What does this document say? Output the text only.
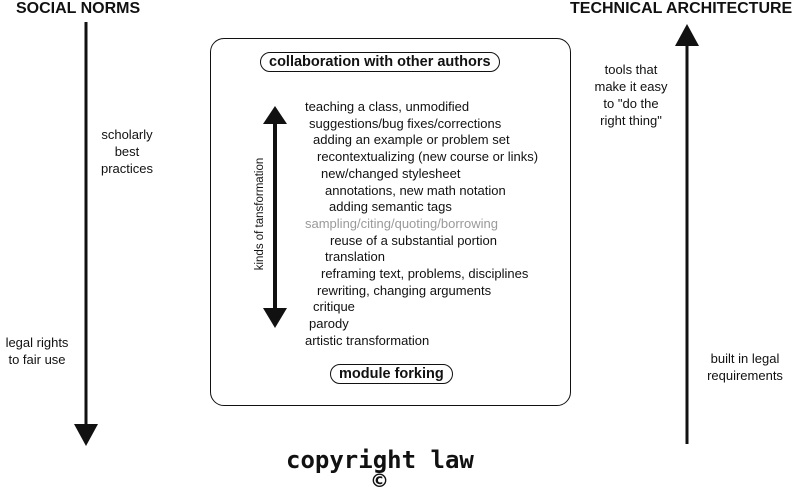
SOCIAL NORMS	TECHNICAL ARCHITECTURE
scholarly
best
practices
legal rights
to fair use
tools that
make it easy
to "do the
right thing"
built in legal
requirements
collaboration with other authors
module forking
kinds of tansformation
teaching a class, unmodified
suggestions/bug fixes/corrections
adding an example or problem set
recontextualizing (new course or links)
new/changed stylesheet
annotations, new math notation
adding semantic tags
sampling/citing/quoting/borrowing
reuse of a substantial portion
translation
reframing text, problems, disciplines
rewriting, changing arguments
critique
parody
artistic transformation
copyright law
©
